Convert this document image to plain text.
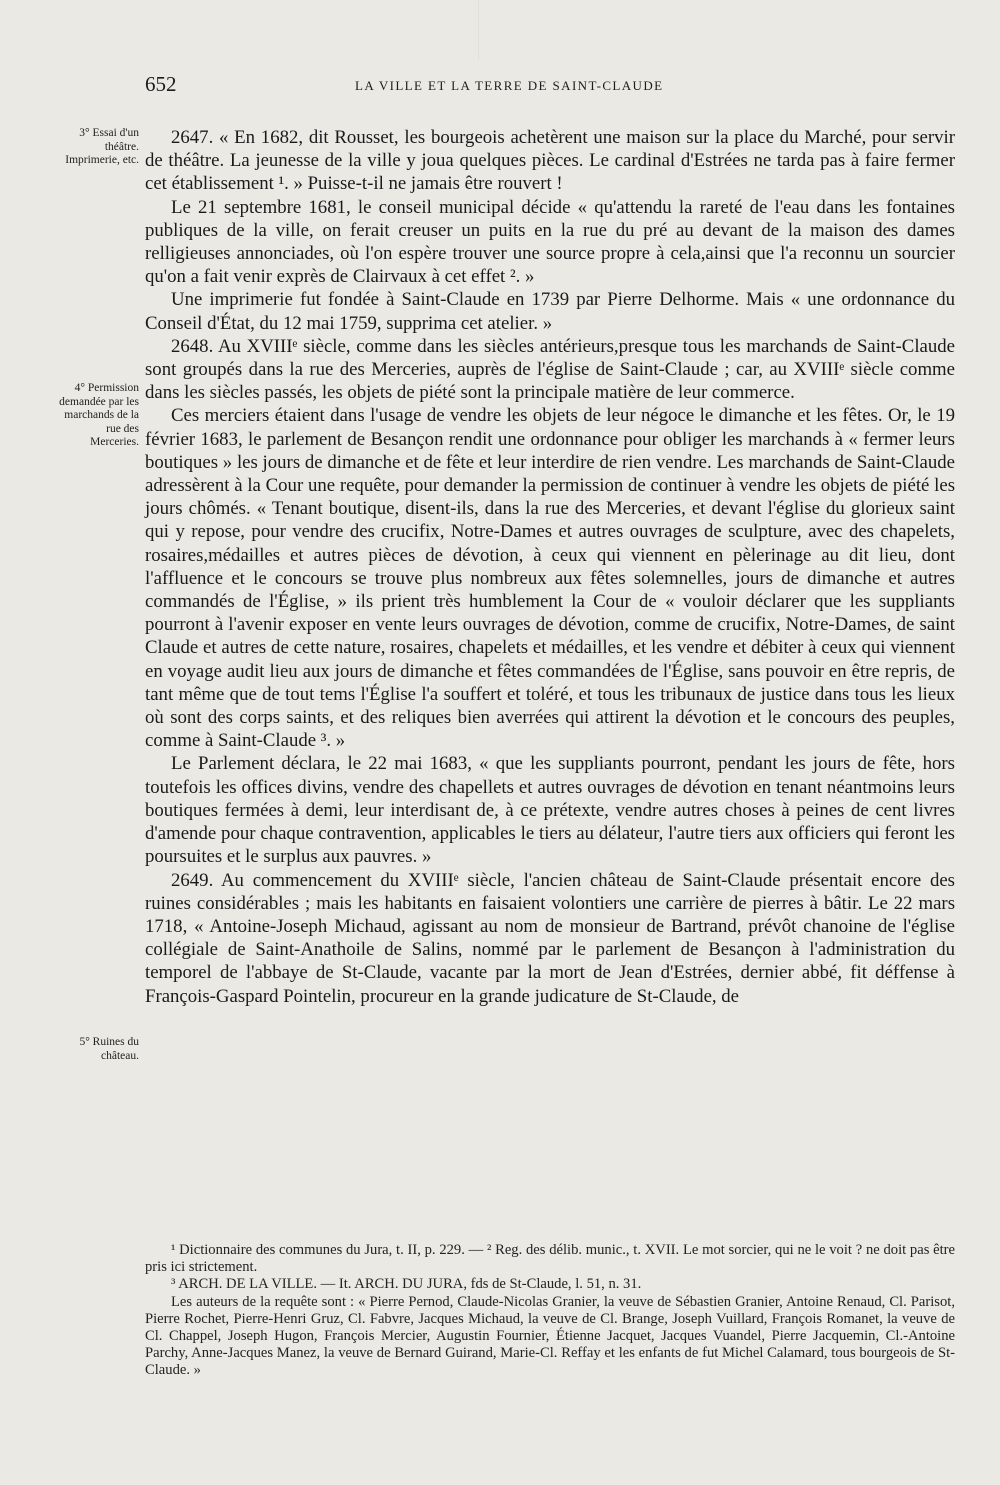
652	LA VILLE ET LA TERRE DE SAINT-CLAUDE
3° Essai d'un théâtre. Imprimerie, etc.
4° Permission demandée par les marchands de la rue des Merceries.
5° Ruines du château.

2647. « En 1682, dit Rousset, les bourgeois achetèrent une maison sur la place du Marché, pour servir de théâtre. La jeunesse de la ville y joua quelques pièces. Le cardinal d'Estrées ne tarda pas à faire fermer cet établissement ¹. » Puisse-t-il ne jamais être rouvert !

Le 21 septembre 1681, le conseil municipal décide « qu'attendu la rareté de l'eau dans les fontaines publiques de la ville, on ferait creuser un puits en la rue du pré au devant de la maison des dames relligieuses annonciades, où l'on espère trouver une source propre à cela,ainsi que l'a reconnu un sourcier qu'on a fait venir exprès de Clairvaux à cet effet ². »

Une imprimerie fut fondée à Saint-Claude en 1739 par Pierre Delhorme. Mais « une ordonnance du Conseil d'État, du 12 mai 1759, supprima cet atelier. »

2648. Au XVIIIᵉ siècle, comme dans les siècles antérieurs,presque tous les marchands de Saint-Claude sont groupés dans la rue des Merceries, auprès de l'église de Saint-Claude ; car, au XVIIIᵉ siècle comme dans les siècles passés, les objets de piété sont la principale matière de leur commerce.

Ces merciers étaient dans l'usage de vendre les objets de leur négoce le dimanche et les fêtes. Or, le 19 février 1683, le parlement de Besançon rendit une ordonnance pour obliger les marchands à « fermer leurs boutiques » les jours de dimanche et de fête et leur interdire de rien vendre. Les marchands de Saint-Claude adressèrent à la Cour une requête, pour demander la permission de continuer à vendre les objets de piété les jours chômés. « Tenant boutique, disent-ils, dans la rue des Merceries, et devant l'église du glorieux saint qui y repose, pour vendre des crucifix, Notre-Dames et autres ouvrages de sculpture, avec des chapelets, rosaires,médailles et autres pièces de dévotion, à ceux qui viennent en pèlerinage au dit lieu, dont l'affluence et le concours se trouve plus nombreux aux fêtes solemnelles, jours de dimanche et autres commandés de l'Église, » ils prient très humblement la Cour de « vouloir déclarer que les suppliants pourront à l'avenir exposer en vente leurs ouvrages de dévotion, comme de crucifix, Notre-Dames, de saint Claude et autres de cette nature, rosaires, chapelets et médailles, et les vendre et débiter à ceux qui viennent en voyage audit lieu aux jours de dimanche et fêtes commandées de l'Église, sans pouvoir en être repris, de tant même que de tout tems l'Église l'a souffert et toléré, et tous les tribunaux de justice dans tous les lieux où sont des corps saints, et des reliques bien averrées qui attirent la dévotion et le concours des peuples, comme à Saint-Claude ³. »

Le Parlement déclara, le 22 mai 1683, « que les suppliants pourront, pendant les jours de fête, hors toutefois les offices divins, vendre des chapellets et autres ouvrages de dévotion en tenant néantmoins leurs boutiques fermées à demi, leur interdisant de, à ce prétexte, vendre autres choses à peines de cent livres d'amende pour chaque contravention, applicables le tiers au délateur, l'autre tiers aux officiers qui feront les poursuites et le surplus aux pauvres. »

2649. Au commencement du XVIIIᵉ siècle, l'ancien château de Saint-Claude présentait encore des ruines considérables ; mais les habitants en faisaient volontiers une carrière de pierres à bâtir. Le 22 mars 1718, « Antoine-Joseph Michaud, agissant au nom de monsieur de Bartrand, prévôt chanoine de l'église collégiale de Saint-Anathoile de Salins, nommé par le parlement de Besançon à l'administration du temporel de l'abbaye de St-Claude, vacante par la mort de Jean d'Estrées, dernier abbé, fit déffense à François-Gaspard Pointelin, procureur en la grande judicature de St-Claude, de

¹ Dictionnaire des communes du Jura, t. II, p. 229. — ² Reg. des délib. munic., t. XVII. Le mot sorcier, qui ne le voit ? ne doit pas être pris ici strictement.

³ ARCH. DE LA VILLE. — It. ARCH. DU JURA, fds de St-Claude, l. 51, n. 31.

Les auteurs de la requête sont : « Pierre Pernod, Claude-Nicolas Granier, la veuve de Sébastien Granier, Antoine Renaud, Cl. Parisot, Pierre Rochet, Pierre-Henri Gruz, Cl. Fabvre, Jacques Michaud, la veuve de Cl. Brange, Joseph Vuillard, François Romanet, la veuve de Cl. Chappel, Joseph Hugon, François Mercier, Augustin Fournier, Étienne Jacquet, Jacques Vuandel, Pierre Jacquemin, Cl.-Antoine Parchy, Anne-Jacques Manez, la veuve de Bernard Guirand, Marie-Cl. Reffay et les enfants de fut Michel Calamard, tous bourgeois de St-Claude. »
